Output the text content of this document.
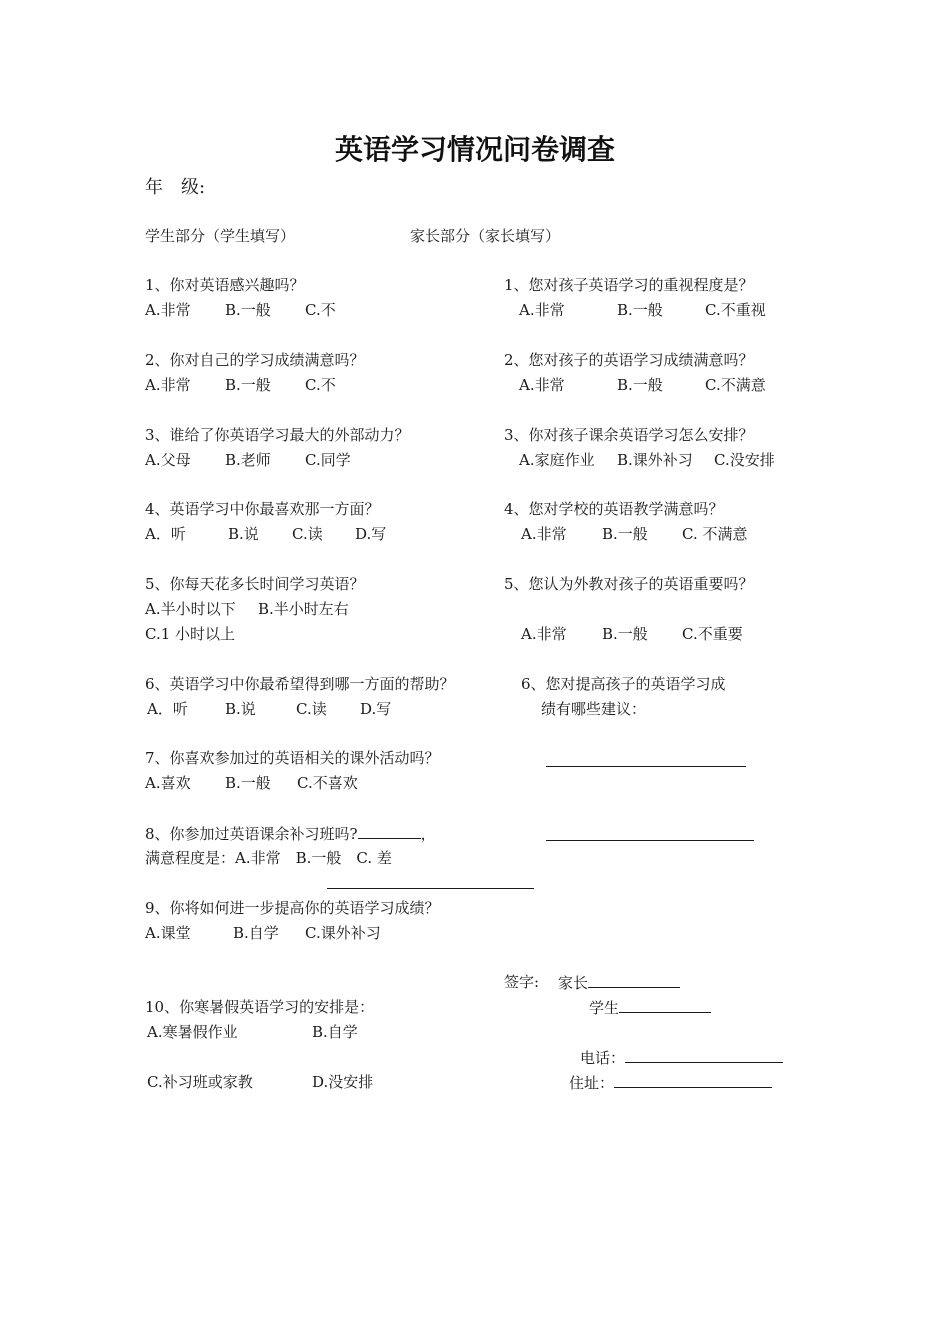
英语学习情况问卷调查
年　级:
学生部分（学生填写）	家长部分（家长填写）
1、你对英语感兴趣吗？
A.非常 B.一般 C.不
2、你对自己的学习成绩满意吗？
A.非常 B.一般 C.不
3、谁给了你英语学习最大的外部动力？
A.父母 B.老师 C.同学
4、英语学习中你最喜欢那一方面？
A．听	B.说 C.读 D.写
5、你每天花多长时间学习英语？
A.半小时以下 B.半小时左右
C.1 小时以上
6、英语学习中你最希望得到哪一方面的帮助？
A．听 B.说	C.读 D.写
7、你喜欢参加过的英语相关的课外活动吗？
A.喜欢 B.一般 C.不喜欢
8、你参加过英语课余补习班吗?	，
满意程度是：A.非常　B.一般　C. 差
9、你将如何进一步提高你的英语学习成绩？
A.课堂	B.自学 C.课外补习
10、你寒暑假英语学习的安排是：
A.寒暑假作业	B.自学
C.补习班或家教	D.没安排
1、您对孩子英语学习的重视程度是？
A.非常	B.一般	C.不重视
2、您对孩子的英语学习成绩满意吗？
A.非常	B.一般	C.不满意
3、你对孩子课余英语学习怎么安排？
A.家庭作业 B.课外补习 C.没安排
4、您对学校的英语教学满意吗？
A.非常 B.一般 C. 不满意
5、您认为外教对孩子的英语重要吗？
A.非常 B.一般 C.不重要
6、您对提高孩子的英语学习成
绩有哪些建议：
签字: 家长
学生
电话：
住址：
